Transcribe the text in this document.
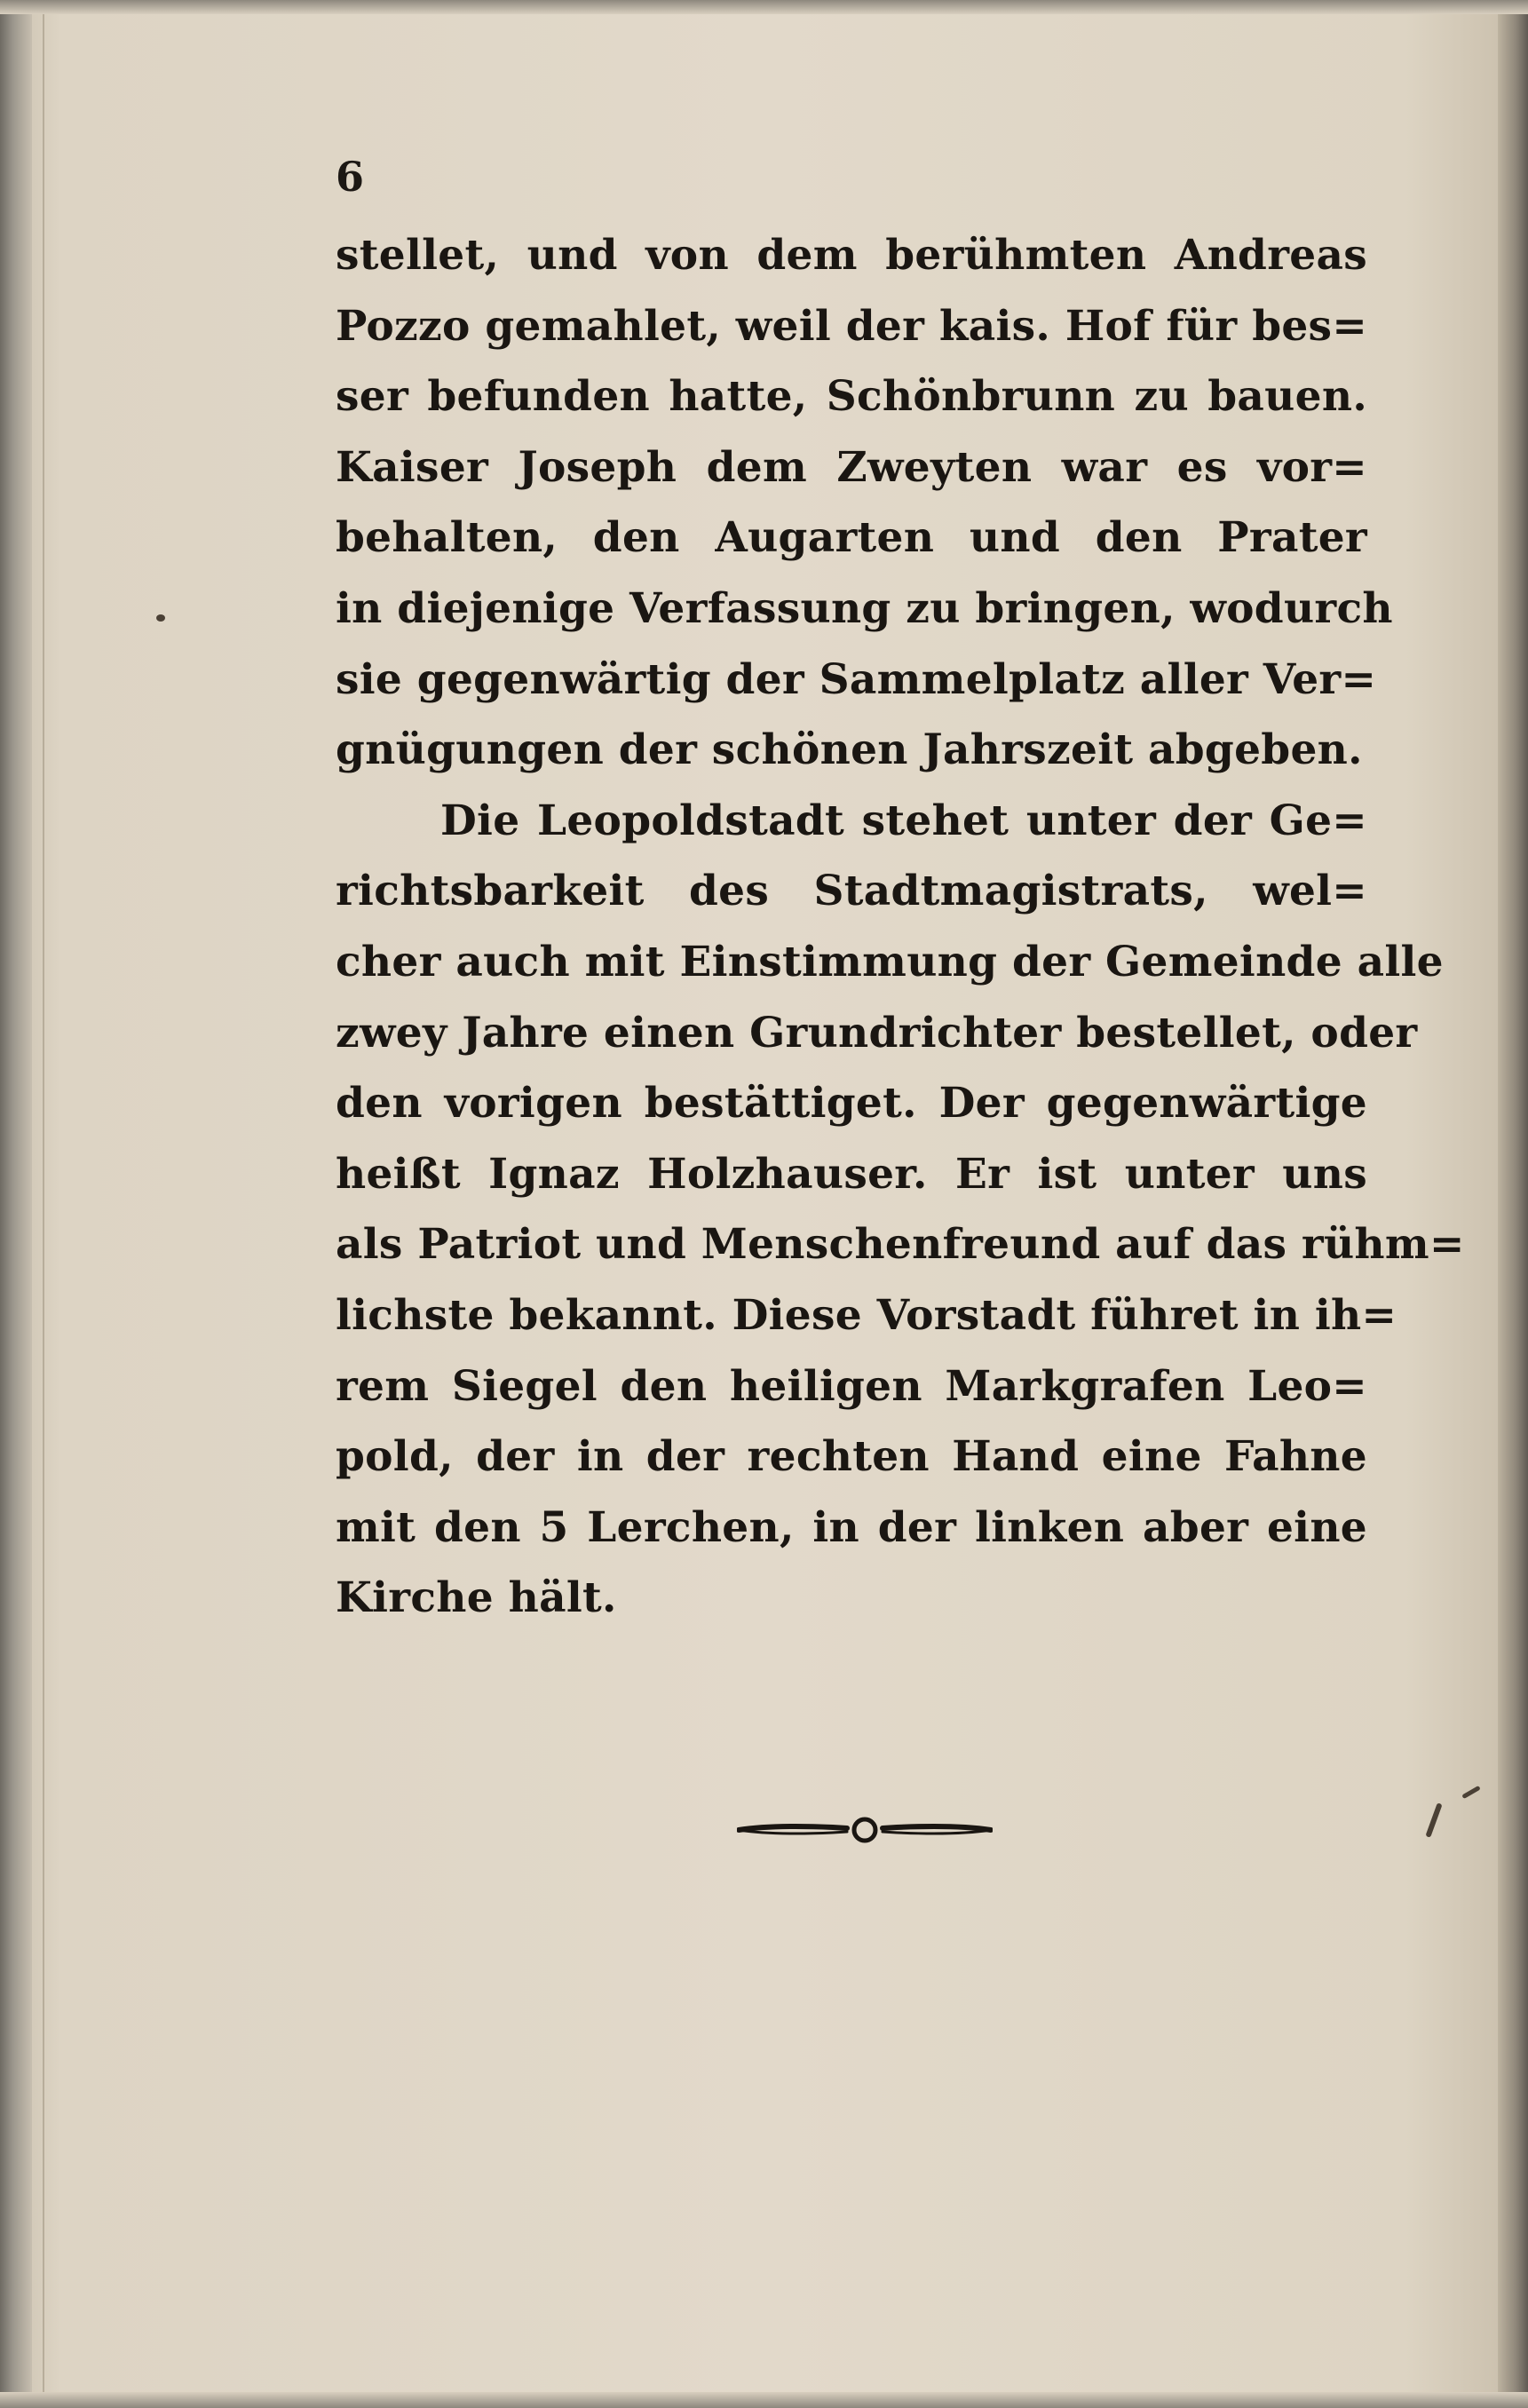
6
stellet, und von dem berühmten Andreas
Pozzo gemahlet, weil der kais. Hof für bes=
ser befunden hatte, Schönbrunn zu bauen.
Kaiser Joseph dem Zweyten war es vor=
behalten, den Augarten und den Prater
in diejenige Verfassung zu bringen, wodurch
sie gegenwärtig der Sammelplatz aller Ver=
gnügungen der schönen Jahrszeit abgeben.
Die Leopoldstadt stehet unter der Ge=
richtsbarkeit des Stadtmagistrats, wel=
cher auch mit Einstimmung der Gemeinde alle
zwey Jahre einen Grundrichter bestellet, oder
den vorigen bestättiget. Der gegenwärtige
heißt Ignaz Holzhauser. Er ist unter uns
als Patriot und Menschenfreund auf das rühm=
lichste bekannt. Diese Vorstadt führet in ih=
rem Siegel den heiligen Markgrafen Leo=
pold, der in der rechten Hand eine Fahne
mit den 5 Lerchen, in der linken aber eine
Kirche hält.
